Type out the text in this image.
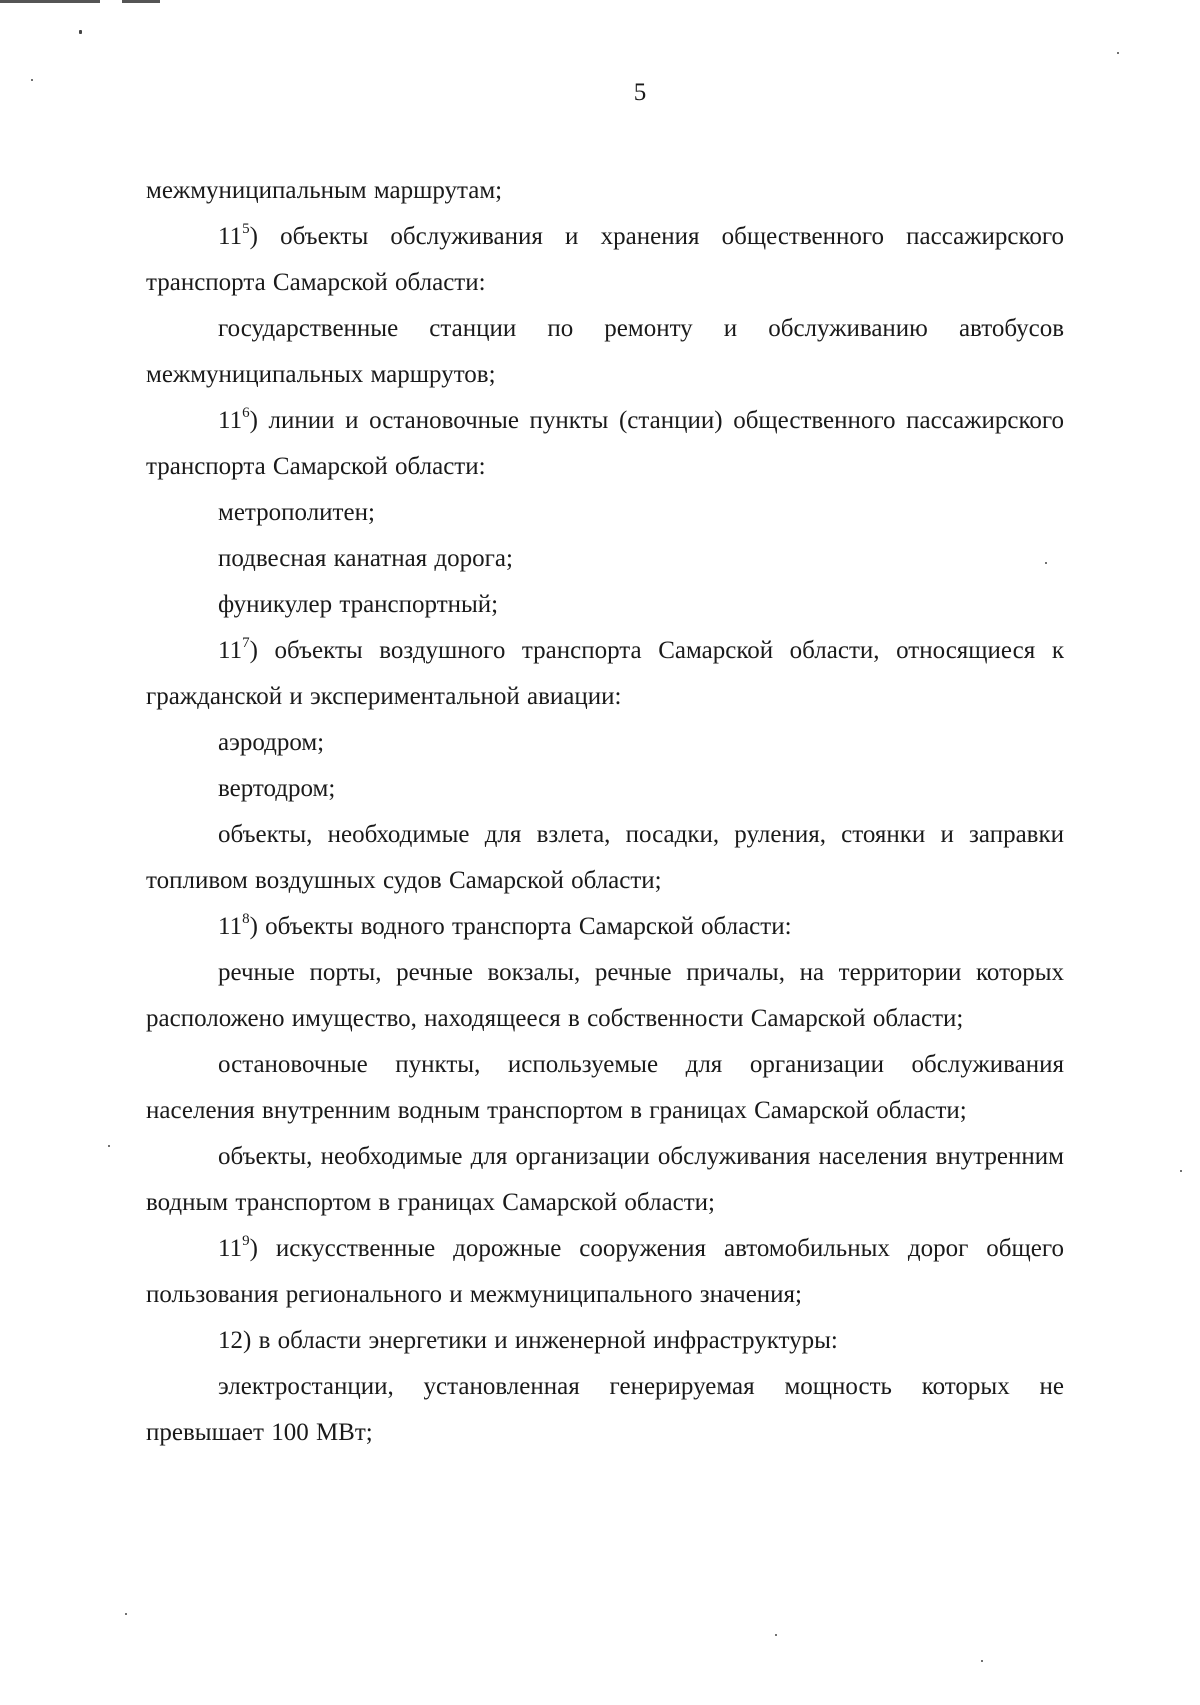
5

межмуниципальным маршрутам;

$11^5$) объекты обслуживания и хранения общественного пассажирского транспорта Самарской области:

государственные станции по ремонту и обслуживанию автобусов межмуниципальных маршрутов;

$11^6$) линии и остановочные пункты (станции) общественного пассажирского транспорта Самарской области:

метрополитен;

подвесная канатная дорога;

фуникулер транспортный;

$11^7$) объекты воздушного транспорта Самарской области, относящиеся к гражданской и экспериментальной авиации:

аэродром;

вертодром;

объекты, необходимые для взлета, посадки, руления, стоянки и заправки топливом воздушных судов Самарской области;

$11^8$) объекты водного транспорта Самарской области:

речные порты, речные вокзалы, речные причалы, на территории которых расположено имущество, находящееся в собственности Самарской области;

остановочные пункты, используемые для организации обслуживания населения внутренним водным транспортом в границах Самарской области;

объекты, необходимые для организации обслуживания населения внутренним водным транспортом в границах Самарской области;

$11^9$) искусственные дорожные сооружения автомобильных дорог общего пользования регионального и межмуниципального значения;

12) в области энергетики и инженерной инфраструктуры:

электростанции, установленная генерируемая мощность которых не превышает 100 МВт;
